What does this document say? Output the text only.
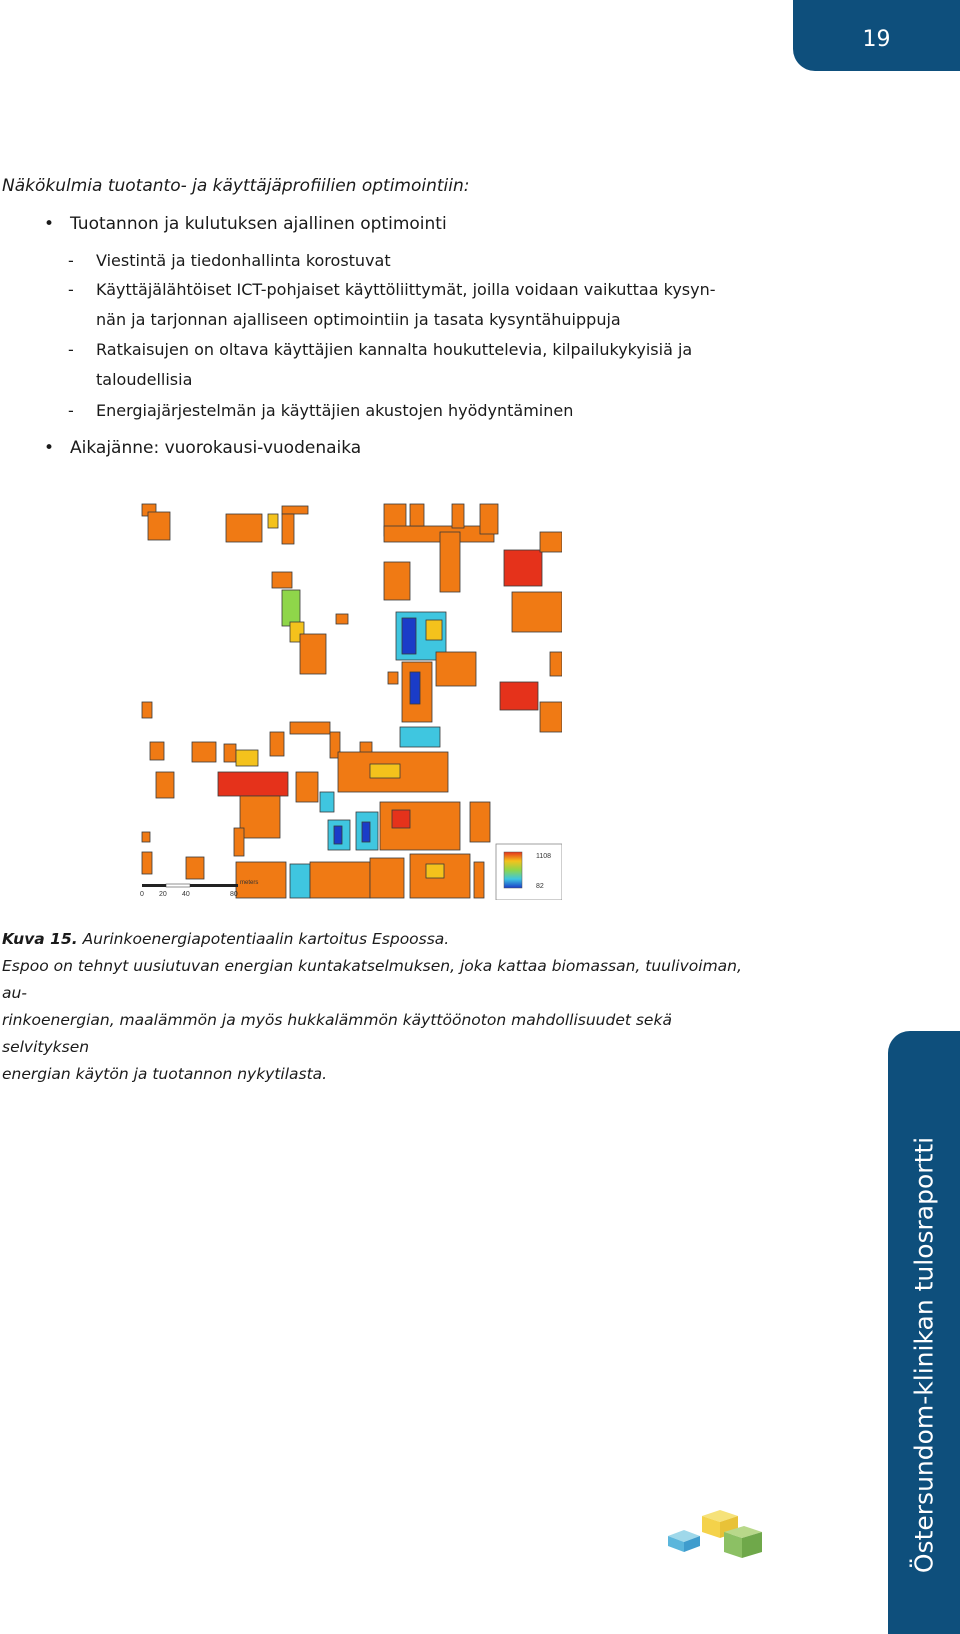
19
Näkökulmia tuotanto- ja käyttäjäprofiilien optimointiin:
• Tuotannon ja kulutuksen ajallinen optimointi
- Viestintä ja tiedonhallinta korostuvat
- Käyttäjälähtöiset ICT-pohjaiset käyttöliittymät, joilla voidaan vaikuttaa kysyn-
nän ja tarjonnan ajalliseen optimointiin ja tasata kysyntähuippuja
- Ratkaisujen on oltava käyttäjien kannalta houkuttelevia, kilpailukykyisiä ja
taloudellisia
- Energiajärjestelmän ja käyttäjien akustojen hyödyntäminen
• Aikajänne: vuorokausi-vuodenaika
1108
82
meters
0 20 40	80
Kuva 15. Aurinkoenergiapotentiaalin kartoitus Espoossa.
Espoo on tehnyt uusiutuvan energian kuntakatselmuksen, joka kattaa biomassan, tuulivoiman, au-
rinkoenergian, maalämmön ja myös hukkalämmön käyttöönoton mahdollisuudet sekä selvityksen
energian käytön ja tuotannon nykytilasta.
Östersundom-klinikan tulosraportti
